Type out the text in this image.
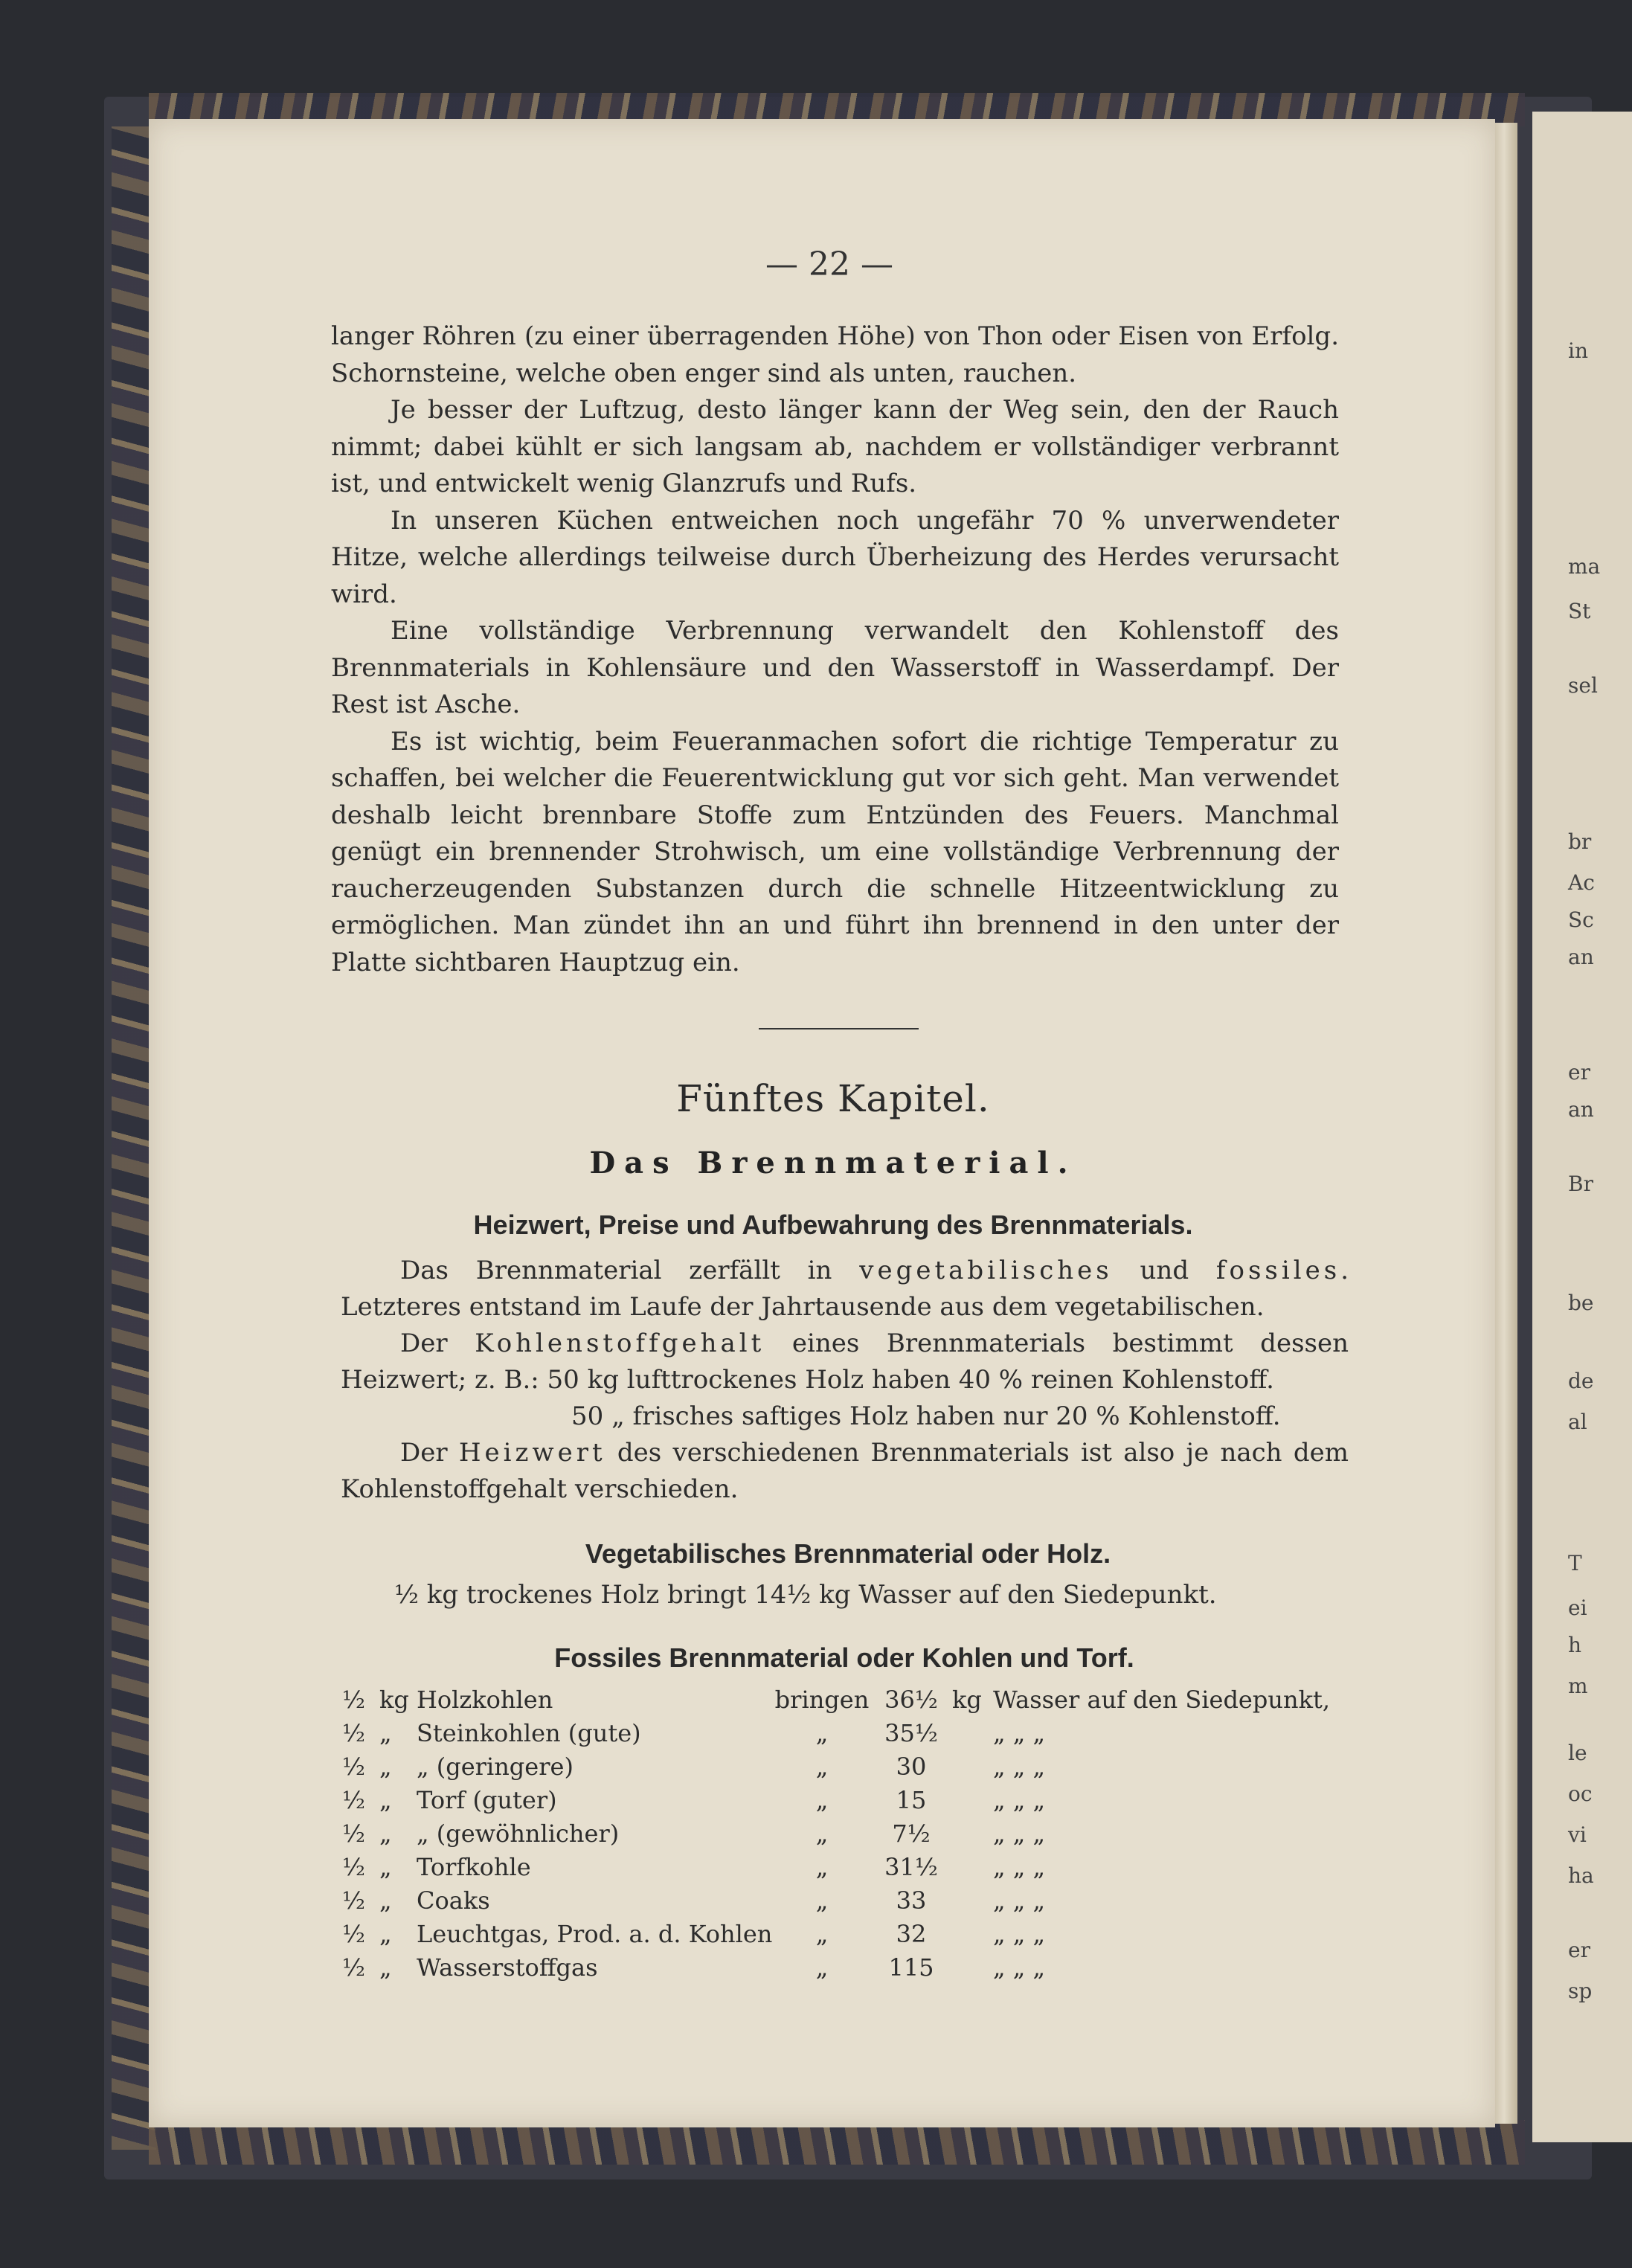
— 22 —

langer Röhren (zu einer überragenden Höhe) von Thon oder Eisen von Erfolg. Schornsteine, welche oben enger sind als unten, rauchen.

Je besser der Luftzug, desto länger kann der Weg sein, den der Rauch nimmt; dabei kühlt er sich langsam ab, nachdem er vollständiger verbrannt ist, und entwickelt wenig Glanzrufs und Rufs.

In unseren Küchen entweichen noch ungefähr 70 % unverwendeter Hitze, welche allerdings teilweise durch Überheizung des Herdes verursacht wird.

Eine vollständige Verbrennung verwandelt den Kohlenstoff des Brennmaterials in Kohlensäure und den Wasserstoff in Wasserdampf. Der Rest ist Asche.

Es ist wichtig, beim Feueranmachen sofort die richtige Temperatur zu schaffen, bei welcher die Feuerentwicklung gut vor sich geht. Man verwendet deshalb leicht brennbare Stoffe zum Entzünden des Feuers. Manchmal genügt ein brennender Strohwisch, um eine vollständige Verbrennung der raucherzeugenden Substanzen durch die schnelle Hitzeentwicklung zu ermöglichen. Man zündet ihn an und führt ihn brennend in den unter der Platte sichtbaren Hauptzug ein.

Fünftes Kapitel.
Das Brennmaterial.
Heizwert, Preise und Aufbewahrung des Brennmaterials.

Das Brennmaterial zerfällt in vegetabilisches und fossiles. Letzteres entstand im Laufe der Jahrtausende aus dem vegetabilischen.

Der Kohlenstoffgehalt eines Brennmaterials bestimmt dessen Heizwert; z. B.: 50 kg lufttrockenes Holz haben 40 % reinen Kohlenstoff.

50 „ frisches saftiges Holz haben nur 20 % Kohlenstoff.

Der Heizwert des verschiedenen Brennmaterials ist also je nach dem Kohlenstoffgehalt verschieden.

Vegetabilisches Brennmaterial oder Holz.
½ kg trockenes Holz bringt 14½ kg Wasser auf den Siedepunkt.
Fossiles Brennmaterial oder Kohlen und Torf.
½	kg	Holzkohlen	bringen	36½	kg	Wasser auf den Siedepunkt,
½	„	Steinkohlen (gute)	„	35½		„ „ „
½	„	„ (geringere)	„	30		„ „ „
½	„	Torf (guter)	„	15		„ „ „
½	„	„ (gewöhnlicher)	„	7½		„ „ „
½	„	Torfkohle	„	31½		„ „ „
½	„	Coaks	„	33		„ „ „
½	„	Leuchtgas, Prod. a. d. Kohlen	„	32		„ „ „
½	„	Wasserstoffgas	„	115		„ „ „
in
ma
St
sel
br
Ac
Sc
an
er
an
Br
be
de
al
T
ei
h
m
le
oc
vi
ha
er
sp
